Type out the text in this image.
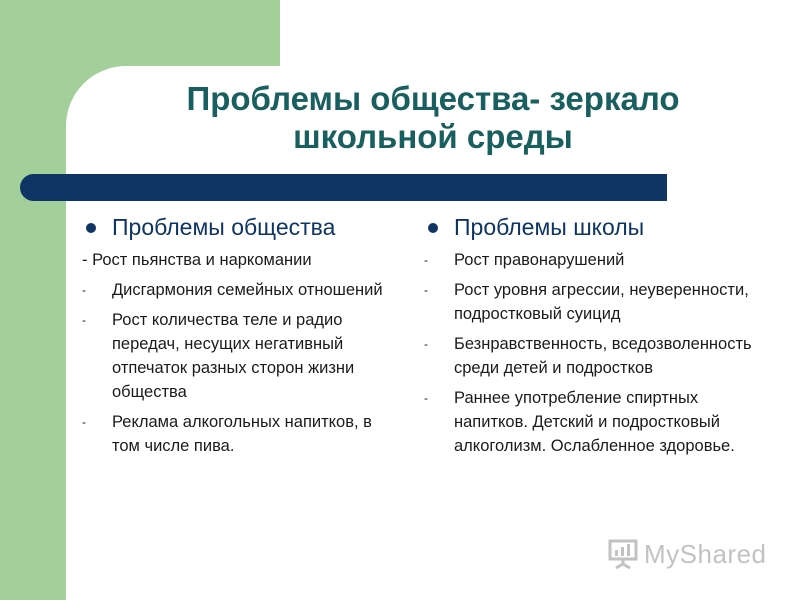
Проблемы общества- зеркало
школьной среды
Проблемы общества
- Рост пьянства и наркомании
- Дисгармония семейных отношений
- Рост количества теле и радио передач, несущих негативный отпечаток разных сторон жизни общества
- Реклама алкогольных напитков, в том числе пива.
Проблемы школы
- Рост правонарушений
- Рост уровня агрессии, неуверенности, подростковый суицид
- Безнравственность, вседозволенность среди детей и подростков
- Раннее употребление спиртных напитков. Детский и подростковый алкоголизм. Ослабленное здоровье.
MyShared
